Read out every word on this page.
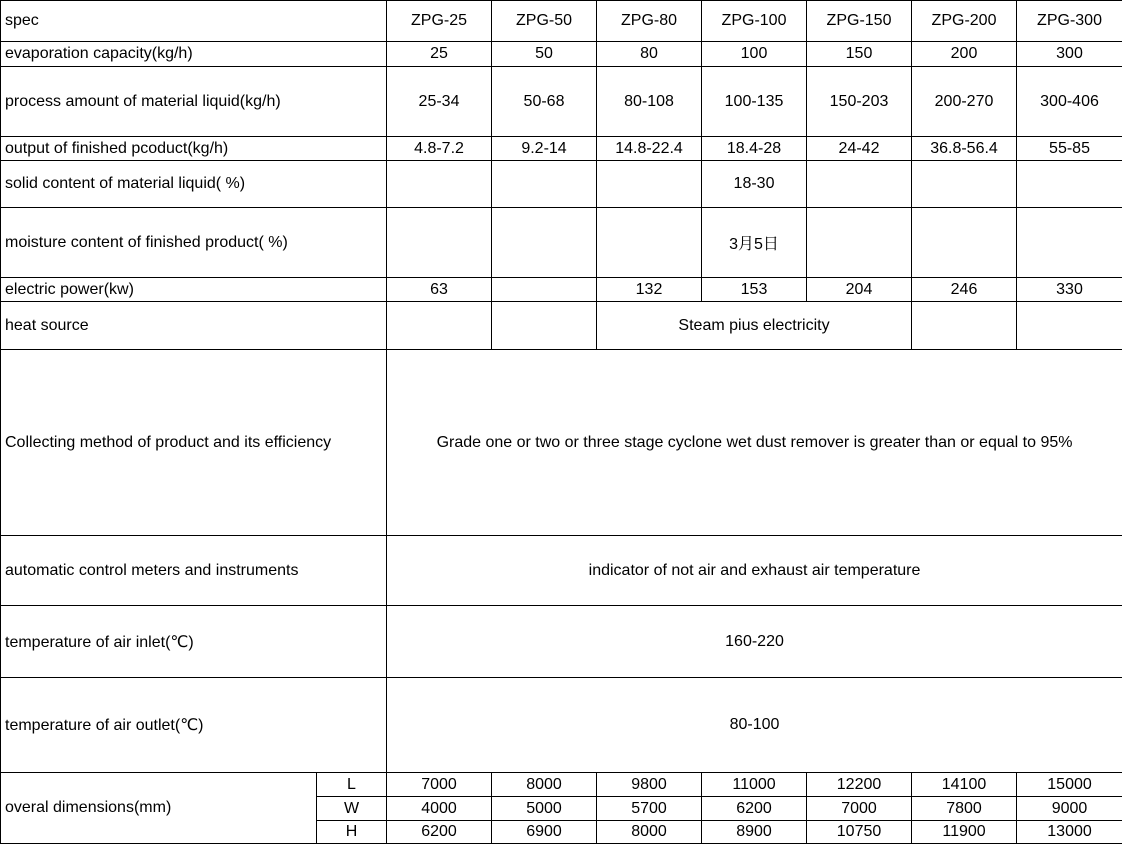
spec		ZPG-25	ZPG-50	ZPG-80	ZPG-100	ZPG-150	ZPG-200	ZPG-300
evaporation capacity(kg/h)		25	50	80	100	150	200	300
process amount of material liquid(kg/h)		25-34	50-68	80-108	100-135	150-203	200-270	300-406
output of finished pcoduct(kg/h)		4.8-7.2	9.2-14	14.8-22.4	18.4-28	24-42	36.8-56.4	55-85
solid content of material liquid( %)					18-30			
moisture content of finished product( %)					3月5日			
electric power(kw)		63		132	153	204	246	330
heat source				Steam pius electricity				
Collecting method of product and its efficiency		Grade one or two or three stage cyclone wet dust remover is greater than or equal to 95%						
automatic control meters and instruments		indicator of not air and exhaust air temperature						
temperature of air inlet(℃)		160-220						
temperature of air outlet(℃)		80-100						
overal dimensions(mm)	L	7000	8000	9800	11000	12200	14100	15000
	W	4000	5000	5700	6200	7000	7800	9000
	H	6200	6900	8000	8900	10750	11900	13000
